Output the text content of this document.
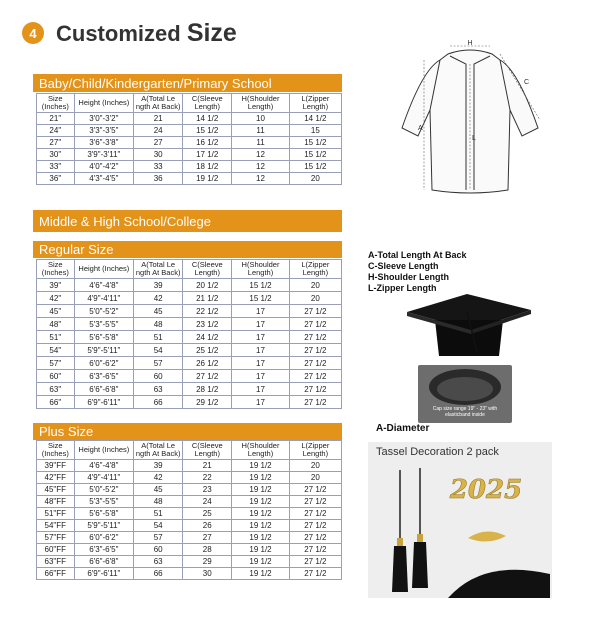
4 Customized Size
Baby/Child/Kindergarten/Primary School
Middle & High School/College
Regular Size
Plus Size
Size (Inches)	Height (Inches)	A(Total Le ngth At Back)	C(Sleeve Length)	H(Shoulder Length)	L(Zipper Length)
21"	3'0"-3'2"	21	14 1/2	10	14 1/2
24"	3'3"-3'5"	24	15 1/2	11	15
27"	3'6"-3'8"	27	16 1/2	11	15 1/2
30"	3'9"-3'11"	30	17 1/2	12	15 1/2
33"	4'0"-4'2"	33	18 1/2	12	15 1/2
36"	4'3"-4'5"	36	19 1/2	12	20
Size (Inches)	Height (Inches)	A(Total Le ngth At Back)	C(Sleeve Length)	H(Shoulder Length)	L(Zipper Length)
39"	4'6"-4'8"	39	20 1/2	15 1/2	20
42"	4'9"-4'11"	42	21 1/2	15 1/2	20
45"	5'0"-5'2"	45	22 1/2	17	27 1/2
48"	5'3"-5'5"	48	23 1/2	17	27 1/2
51"	5'6"-5'8"	51	24 1/2	17	27 1/2
54"	5'9"-5'11"	54	25 1/2	17	27 1/2
57"	6'0"-6'2"	57	26 1/2	17	27 1/2
60"	6'3"-6'5"	60	27 1/2	17	27 1/2
63"	6'6"-6'8"	63	28 1/2	17	27 1/2
66"	6'9"-6'11"	66	29 1/2	17	27 1/2
Size (Inches)	Height (Inches)	A(Total Le ngth At Back)	C(Sleeve Length)	H(Shoulder Length)	L(Zipper Length)
39"FF	4'6"-4'8"	39	21	19 1/2	20
42"FF	4'9"-4'11"	42	22	19 1/2	20
45"FF	5'0"-5'2"	45	23	19 1/2	27 1/2
48"FF	5'3"-5'5"	48	24	19 1/2	27 1/2
51"FF	5'6"-5'8"	51	25	19 1/2	27 1/2
54"FF	5'9"-5'11"	54	26	19 1/2	27 1/2
57"FF	6'0"-6'2"	57	27	19 1/2	27 1/2
60"FF	6'3"-6'5"	60	28	19 1/2	27 1/2
63"FF	6'6"-6'8"	63	29	19 1/2	27 1/2
66"FF	6'9"-6'11"	66	30	19 1/2	27 1/2
H
C
A
L
A-Total Length At Back
C-Sleeve Length
H-Shoulder Length
L-Zipper Length
Cap size range 19" - 23" with elasticband inside
A-Diameter
Tassel Decoration 2 pack
2025
